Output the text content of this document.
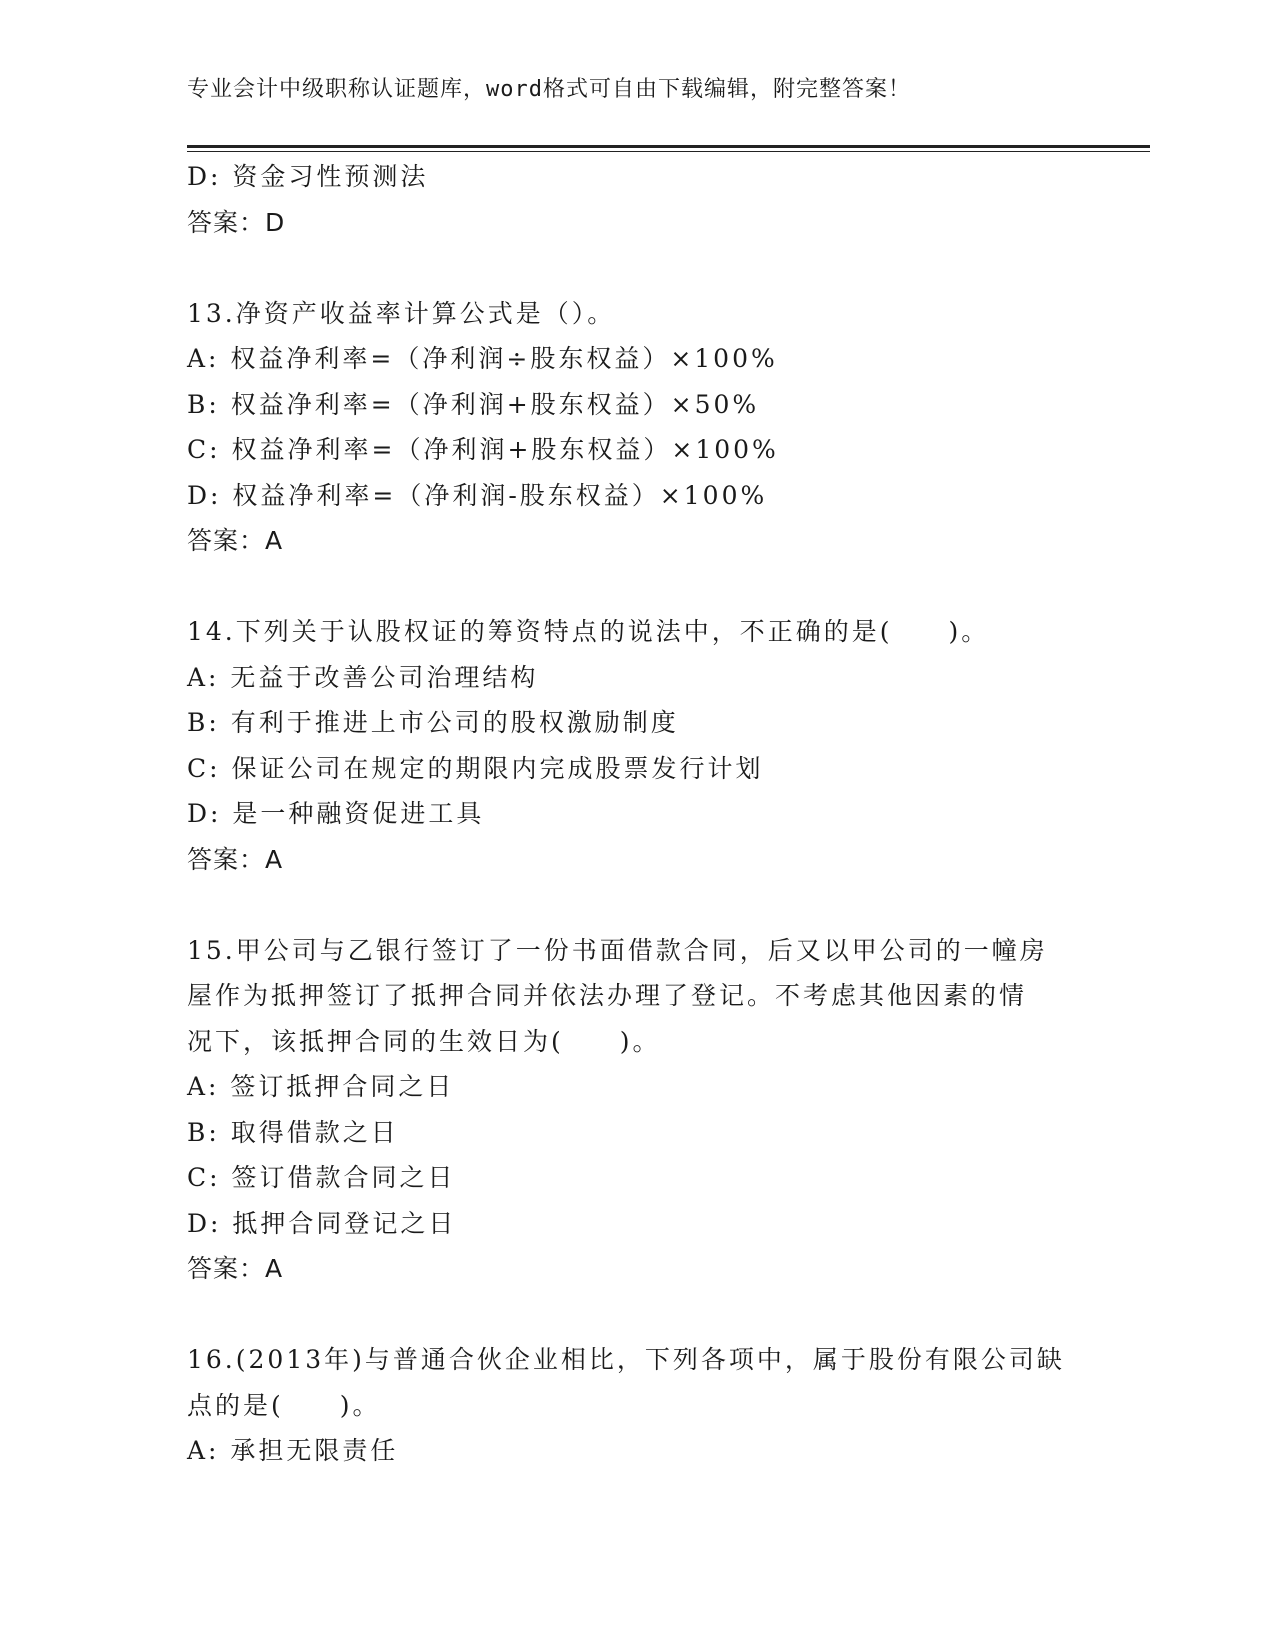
专业会计中级职称认证题库，word格式可自由下载编辑，附完整答案！
D: 资金习性预测法
答案：D
13.净资产收益率计算公式是（）。
A: 权益净利率=（净利润÷股东权益）×100%
B: 权益净利率=（净利润+股东权益）×50%
C: 权益净利率=（净利润+股东权益）×100%
D: 权益净利率=（净利润-股东权益）×100%
答案：A
14.下列关于认股权证的筹资特点的说法中，不正确的是(　　)。
A: 无益于改善公司治理结构
B: 有利于推进上市公司的股权激励制度
C: 保证公司在规定的期限内完成股票发行计划
D: 是一种融资促进工具
答案：A
15.甲公司与乙银行签订了一份书面借款合同，后又以甲公司的一幢房
屋作为抵押签订了抵押合同并依法办理了登记。不考虑其他因素的情
况下，该抵押合同的生效日为(　　)。
A: 签订抵押合同之日
B: 取得借款之日
C: 签订借款合同之日
D: 抵押合同登记之日
答案：A
16.(2013年)与普通合伙企业相比，下列各项中，属于股份有限公司缺
点的是(　　)。
A: 承担无限责任
